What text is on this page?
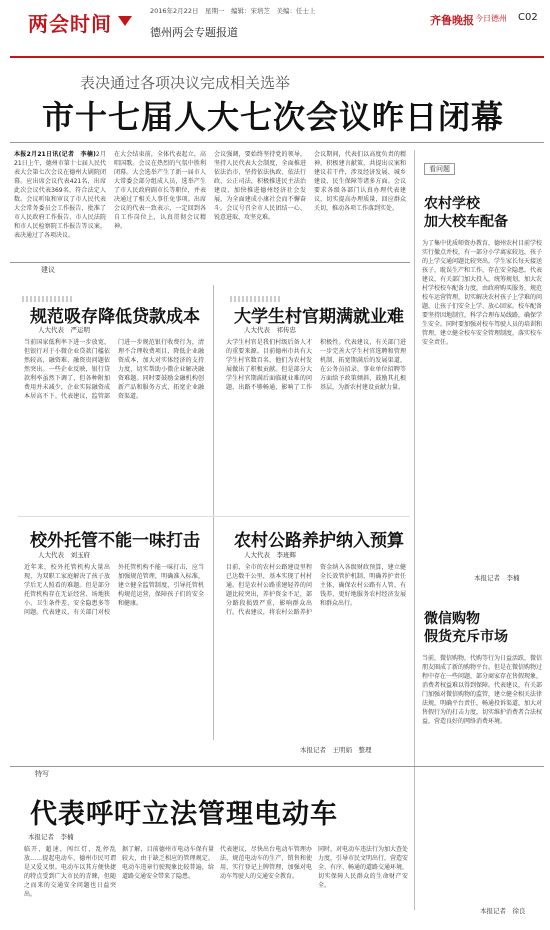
两会时间
2016年2月22日　星期一　编辑：宋培芝　美编：任士上
德州两会专题报道
齐鲁晚报 今日德州 C02
表决通过各项决议完成相关选举
市十七届人大七次会议昨日闭幕
本报2月21日讯(记者　李楠)2月21日上午，德州市第十七届人民代表大会第七次会议在德州大剧院闭幕。应出席会议代表421名，出席此次会议代表369名，符合法定人数。会议听取和审议了市人民代表大会常务委员会工作报告，批准了市人民政府工作报告、市人民法院和市人民检察院工作报告等议案，表决通过了各项决议。
在大会结束前，全体代表起立，高唱国歌。会议在热烈的气氛中胜利闭幕。大会选举产生了新一届市人大常委会部分组成人员，选举产生了市人民政府副市长等职位，并表决通过了相关人事任免事项。出席会议的代表一致表示，一定回到各自工作岗位上，认真贯彻会议精神。
会议强调，要始终坚持党的领导，坚持人民代表大会制度，全面推进依法治市，坚持依法执政、依法行政、公正司法，积极推进民主法治建设，加快推进德州经济社会发展，为全面建成小康社会而不懈奋斗。会议号召全市人民团结一心、锐意进取、攻坚克难。
会议期间，代表们以高度负责的精神，积极建言献策，共提出议案和建议若干件，涉及经济发展、城乡建设、民生保障等诸多方面。会议要求各级各部门认真办理代表建议，切实提高办理质量，回应群众关切，推动各项工作落到实处。
看问题
农村学校
加大校车配备
为了集中优质师资办教育，德州农村目前学校实行撤点并校，有一部分小学离家较远，孩子的上学交通问题比较突出。学生家长每天接送孩子，耽误生产和工作，存在安全隐患。代表建议，有关部门加大投入，统筹规划，加大农村学校校车配备力度，由政府购买服务，规范校车运营管理，切实解决农村孩子上学难的问题，让孩子们安全上学、放心回家。校车配备要坚持因地制宜，科学合理布局线路，确保学生安全。同时要加强对校车驾驶人员的培训和管理，建立健全校车安全管理制度，落实校车安全责任。
本报记者　李楠
微信购物
假货充斥市场
当前，微信购物，代购等行为日益活跃，微信朋友圈成了新的购物平台。但是在微信购物过程中存在一些问题，部分商家存在售假现象，消费者权益难以得到保障。代表建议，有关部门加强对微信购物的监管，建立健全相关法律法规，明确平台责任，畅通投诉渠道，加大对售假行为的打击力度，切实维护消费者合法权益，营造良好的网络消费环境。
本报记者　徐良
建议
规范吸存降低贷款成本
人大代表　严运明
当前国家低利率下进一步放宽，但银行对于小微企业贷款门槛依然较高，融资难、融资贵问题依然突出。一些企业反映，银行贷款利率虽然下调了，但各种附加费用并未减少，企业实际融资成本居高不下。代表建议，监管部门进一步规范银行收费行为，清理不合理收费项目，降低企业融资成本，加大对实体经济的支持力度，切实帮助小微企业解决融资难题。同时要鼓励金融机构创新产品和服务方式，拓宽企业融资渠道。
大学生村官期满就业难
人大代表　祁传忠
大学生村官是我们村级后备人才的重要来源。目前德州市共有大学生村官数百名，他们为农村发展做出了积极贡献。但是部分大学生村官期满后面临就业难的问题，出路不够畅通，影响了工作积极性。代表建议，有关部门进一步完善大学生村官选聘和管理机制，拓宽期满后的发展渠道，在公务员招录、事业单位招聘等方面给予政策倾斜，鼓励其扎根基层，为新农村建设贡献力量。
校外托管不能一味打击
人大代表　刘玉府
近年来，校外托管机构大量出现，为双职工家庭解决了孩子放学后无人照看的难题。但是部分托管机构存在无证经营、场地狭小、卫生条件差、安全隐患多等问题。代表建议，有关部门对校外托管机构不能一味打击，应当加强规范管理，明确准入标准，建立健全监管制度，引导托管机构规范运营，保障孩子们的安全和健康。
农村公路养护纳入预算
人大代表　李班辉
目前，全市的农村公路建设里程已达数千公里，基本实现了村村通。但是农村公路重建轻养的问题比较突出，养护资金不足，部分路段损毁严重，影响群众出行。代表建议，将农村公路养护资金纳入各级财政预算，建立健全长效管护机制，明确养护责任主体，确保农村公路有人管、有钱养，更好地服务农村经济发展和群众出行。
本报记者　王明娟　整理
特写
代表呼吁立法管理电动车
本报记者　李楠
临开，超速，闯红灯，乱停乱放……提起电动车，德州市民可谓是又爱又恨。电动车以其方便快捷的特点受到广大市民的青睐，但随之而来的交通安全问题也日益突出。
据了解，目前德州市电动车保有量较大，由于缺乏相应的管理规定，电动车违章行驶现象比较普遍，给道路交通安全带来了隐患。
代表建议，尽快出台电动车管理办法，规范电动车的生产、销售和使用，实行登记上牌管理，加强对电动车驾驶人的交通安全教育。
同时，对电动车违法行为加大查处力度，引导市民文明出行，营造安全、有序、畅通的道路交通环境，切实保障人民群众的生命财产安全。
